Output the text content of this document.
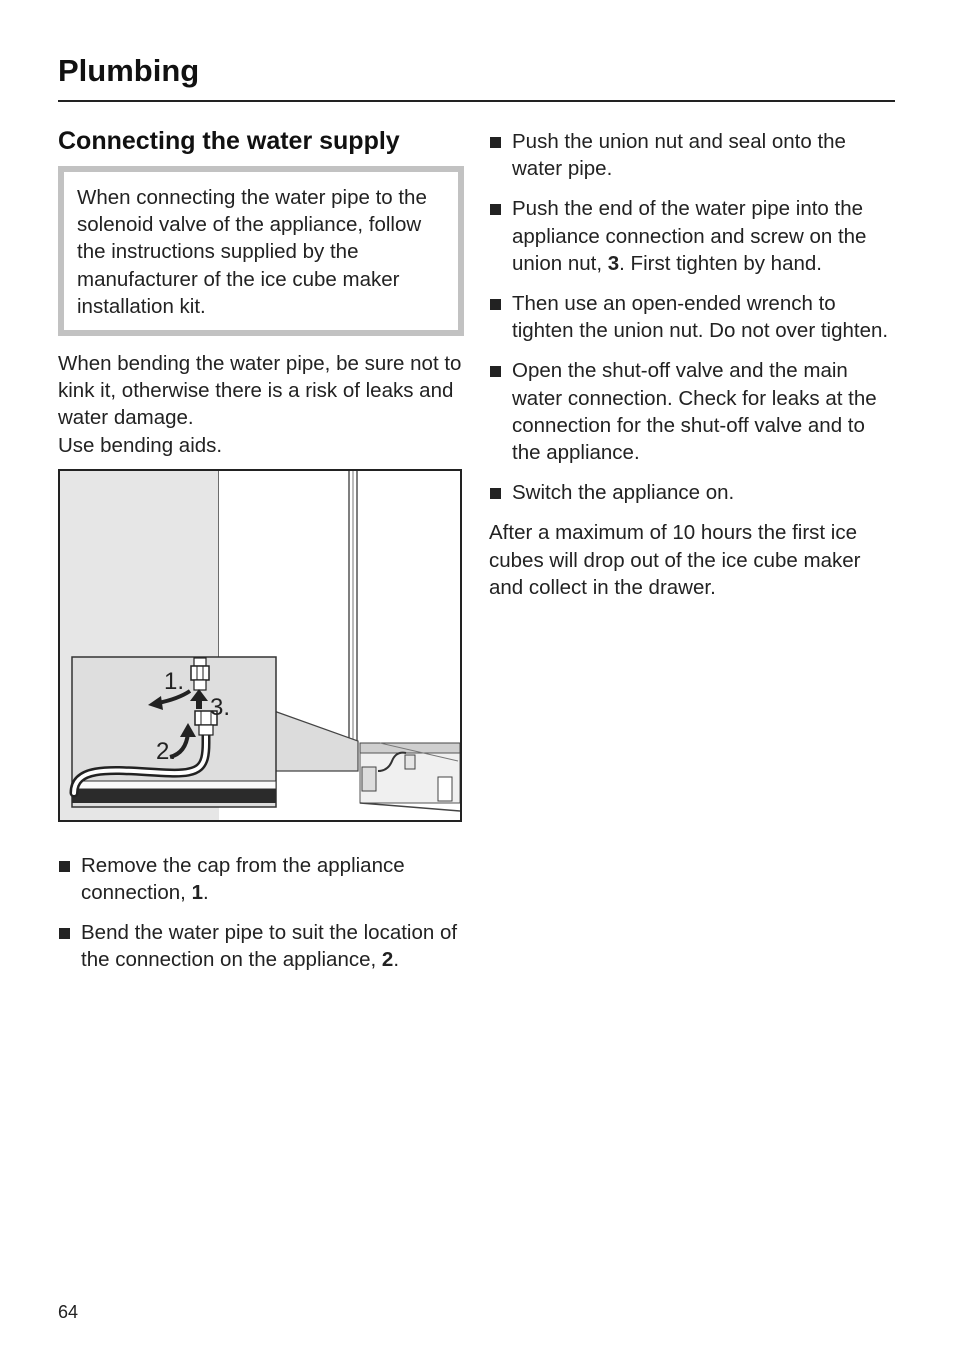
Plumbing
Connecting the water supply
When connecting the water pipe to the solenoid valve of the appliance, follow the instructions supplied by the manufacturer of the ice cube maker installation kit.

When bending the water pipe, be sure not to kink it, otherwise there is a risk of leaks and water damage.
Use bending aids.

1.
3.
2.
Remove the cap from the appliance connection, 1.
Bend the water pipe to suit the location of the connection on the appliance, 2.
Push the union nut and seal onto the water pipe.
Push the end of the water pipe into the appliance connection and screw on the union nut, 3. First tighten by hand.
Then use an open-ended wrench to tighten the union nut. Do not over tighten.
Open the shut-off valve and the main water connection. Check for leaks at the connection for the shut-off valve and to the appliance.
Switch the appliance on.

After a maximum of 10 hours the first ice cubes will drop out of the ice cube maker and collect in the drawer.

64
